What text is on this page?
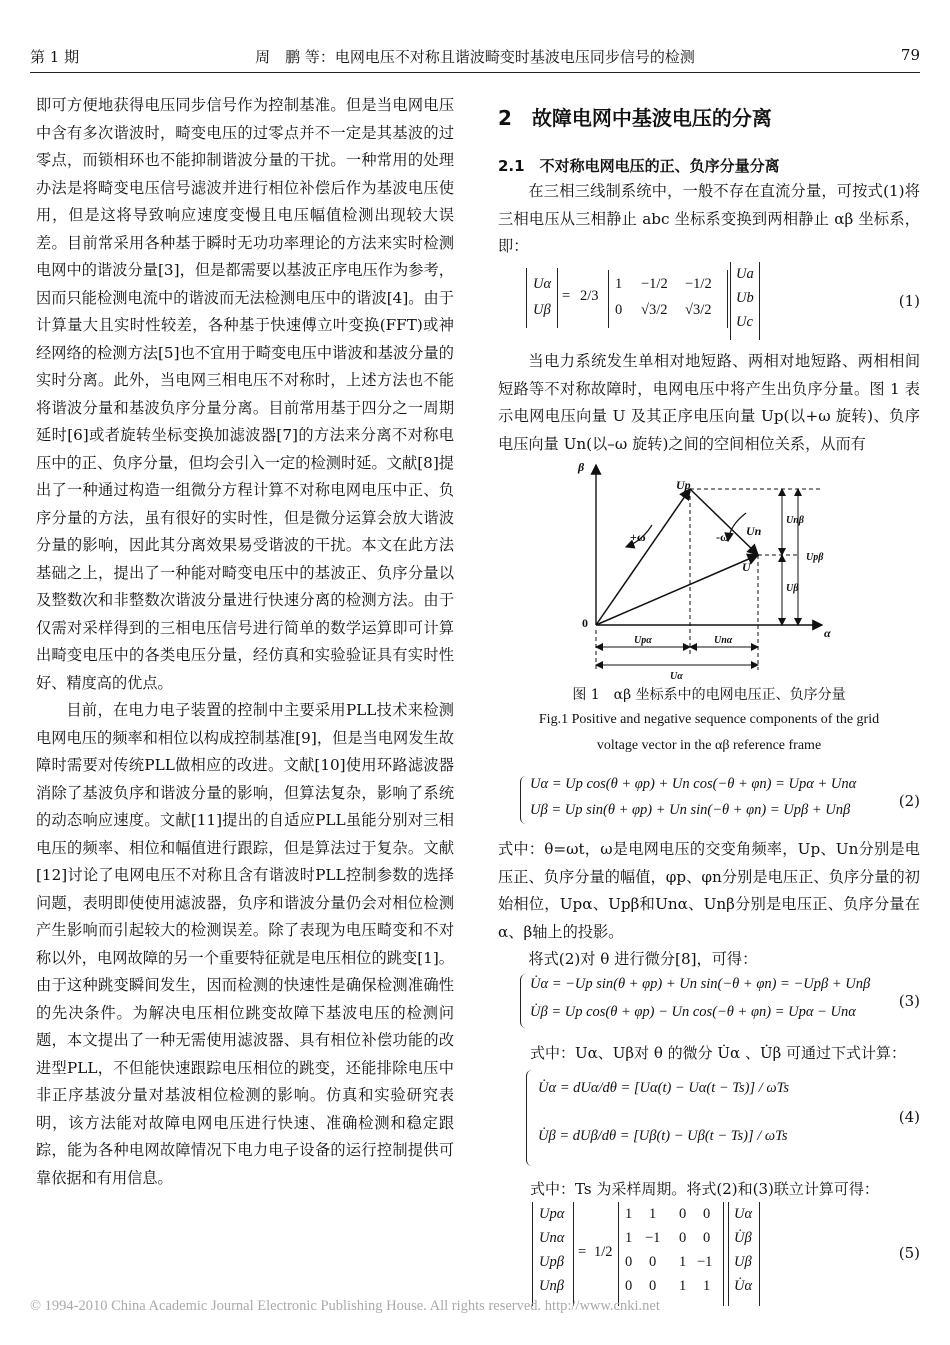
第 1 期	周　鹏 等：电网电压不对称且谐波畸变时基波电压同步信号的检测	79

即可方便地获得电压同步信号作为控制基准。但是当电网电压中含有多次谐波时，畸变电压的过零点并不一定是其基波的过零点，而锁相环也不能抑制谐波分量的干扰。一种常用的处理办法是将畸变电压信号滤波并进行相位补偿后作为基波电压使用，但是这将导致响应速度变慢且电压幅值检测出现较大误差。目前常采用各种基于瞬时无功功率理论的方法来实时检测电网中的谐波分量[3]，但是都需要以基波正序电压作为参考，因而只能检测电流中的谐波而无法检测电压中的谐波[4]。由于计算量大且实时性较差，各种基于快速傅立叶变换(FFT)或神经网络的检测方法[5]也不宜用于畸变电压中谐波和基波分量的实时分离。此外，当电网三相电压不对称时，上述方法也不能将谐波分量和基波负序分量分离。目前常用基于四分之一周期延时[6]或者旋转坐标变换加滤波器[7]的方法来分离不对称电压中的正、负序分量，但均会引入一定的检测时延。文献[8]提出了一种通过构造一组微分方程计算不对称电网电压中正、负序分量的方法，虽有很好的实时性，但是微分运算会放大谐波分量的影响，因此其分离效果易受谐波的干扰。本文在此方法基础之上，提出了一种能对畸变电压中的基波正、负序分量以及整数次和非整数次谐波分量进行快速分离的检测方法。由于仅需对采样得到的三相电压信号进行简单的数学运算即可计算出畸变电压中的各类电压分量，经仿真和实验验证具有实时性好、精度高的优点。

目前，在电力电子装置的控制中主要采用PLL技术来检测电网电压的频率和相位以构成控制基准[9]，但是当电网发生故障时需要对传统PLL做相应的改进。文献[10]使用环路滤波器消除了基波负序和谐波分量的影响，但算法复杂，影响了系统的动态响应速度。文献[11]提出的自适应PLL虽能分别对三相电压的频率、相位和幅值进行跟踪，但是算法过于复杂。文献[12]讨论了电网电压不对称且含有谐波时PLL控制参数的选择问题，表明即使使用滤波器，负序和谐波分量仍会对相位检测产生影响而引起较大的检测误差。除了表现为电压畸变和不对称以外，电网故障的另一个重要特征就是电压相位的跳变[1]。由于这种跳变瞬间发生，因而检测的快速性是确保检测准确性的先决条件。为解决电压相位跳变故障下基波电压的检测问题，本文提出了一种无需使用滤波器、具有相位补偿功能的改进型PLL，不但能快速跟踪电压相位的跳变，还能排除电压中非正序基波分量对基波相位检测的影响。仿真和实验研究表明，该方法能对故障电网电压进行快速、准确检测和稳定跟踪，能为各种电网故障情况下电力电子设备的运行控制提供可靠依据和有用信息。

2　故障电网中基波电压的分离
2.1　不对称电网电压的正、负序分量分离

在三相三线制系统中，一般不存在直流分量，可按式(1)将三相电压从三相静止 abc 坐标系变换到两相静止 αβ 坐标系，即：

Uα
Uβ
= 2/3
1 −1/2 −1/2
0 √3/2 √3/2
Ua
Ub
Uc
(1)

当电力系统发生单相对地短路、两相对地短路、两相相间短路等不对称故障时，电网电压中将产生出负序分量。图 1 表示电网电压向量 U 及其正序电压向量 Up(以+ω 旋转)、负序电压向量 Un(以–ω 旋转)之间的空间相位关系，从而有

β
α
0
+ω	-ω
Up
Un
U
Unβ
Upβ
Uβ
Upα	Unα
Uα
图 1　αβ 坐标系中的电网电压正、负序分量
Fig.1 Positive and negative sequence components of the grid
voltage vector in the αβ reference frame
Uα = Up cos(θ + φp) + Un cos(−θ + φn) = Upα + Unα
Uβ = Up sin(θ + φp) + Un sin(−θ + φn) = Upβ + Unβ	(2)

式中：θ=ωt，ω是电网电压的交变角频率，Up、Un分别是电压正、负序分量的幅值，φp、φn分别是电压正、负序分量的初始相位，Upα、Upβ和Unα、Unβ分别是电压正、负序分量在α、β轴上的投影。

将式(2)对 θ 进行微分[8]，可得：

U̇α = −Up sin(θ + φp) + Un sin(−θ + φn) = −Upβ + Unβ
U̇β = Up cos(θ + φp) − Un cos(−θ + φn) = Upα − Unα
(3)
式中：Uα、Uβ对 θ 的微分 U̇α 、U̇β 可通过下式计算：
U̇α = dUα/dθ = [Uα(t) − Uα(t − Ts)] / ωTs
U̇β = dUβ/dθ = [Uβ(t) − Uβ(t − Ts)] / ωTs
(4)
式中：Ts 为采样周期。将式(2)和(3)联立计算可得：
Upα
Unα
Upβ
Unβ
= 1/2
1 1 0 0
1 −1 0 0
0 0 1 −1
0 0 1 1
Uα
U̇β
Uβ
U̇α
(5)
© 1994-2010 China Academic Journal Electronic Publishing House. All rights reserved. http://www.cnki.net
